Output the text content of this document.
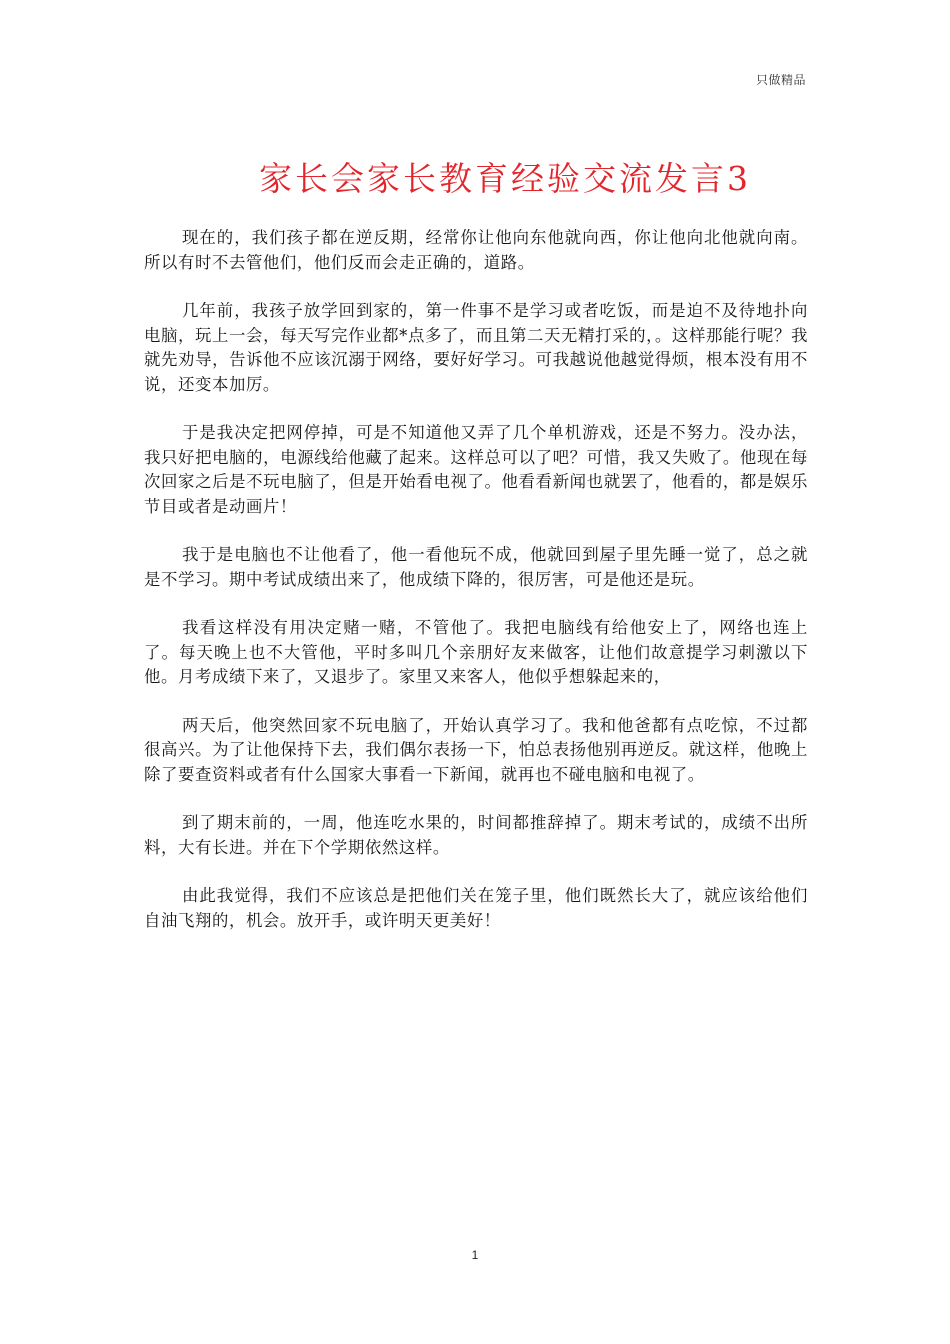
只做精品
家长会家长教育经验交流发言3

现在的，我们孩子都在逆反期，经常你让他向东他就向西，你让他向北他就向南。所以有时不去管他们，他们反而会走正确的，道路。

几年前，我孩子放学回到家的，第一件事不是学习或者吃饭，而是迫不及待地扑向电脑，玩上一会，每天写完作业都*点多了，而且第二天无精打采的，。这样那能行呢？我就先劝导，告诉他不应该沉溺于网络，要好好学习。可我越说他越觉得烦，根本没有用不说，还变本加厉。

于是我决定把网停掉，可是不知道他又弄了几个单机游戏，还是不努力。没办法，我只好把电脑的，电源线给他藏了起来。这样总可以了吧？可惜，我又失败了。他现在每次回家之后是不玩电脑了，但是开始看电视了。他看看新闻也就罢了，他看的，都是娱乐节目或者是动画片！

我于是电脑也不让他看了，他一看他玩不成，他就回到屋子里先睡一觉了，总之就是不学习。期中考试成绩出来了，他成绩下降的，很厉害，可是他还是玩。

我看这样没有用决定赌一赌，不管他了。我把电脑线有给他安上了，网络也连上了。每天晚上也不大管他，平时多叫几个亲朋好友来做客，让他们故意提学习刺激以下他。月考成绩下来了，又退步了。家里又来客人，他似乎想躲起来的，

两天后，他突然回家不玩电脑了，开始认真学习了。我和他爸都有点吃惊，不过都很高兴。为了让他保持下去，我们偶尔表扬一下，怕总表扬他别再逆反。就这样，他晚上除了要查资料或者有什么国家大事看一下新闻，就再也不碰电脑和电视了。

到了期末前的，一周，他连吃水果的，时间都推辞掉了。期末考试的，成绩不出所料，大有长进。并在下个学期依然这样。

由此我觉得，我们不应该总是把他们关在笼子里，他们既然长大了，就应该给他们自油飞翔的，机会。放开手，或许明天更美好！

1
